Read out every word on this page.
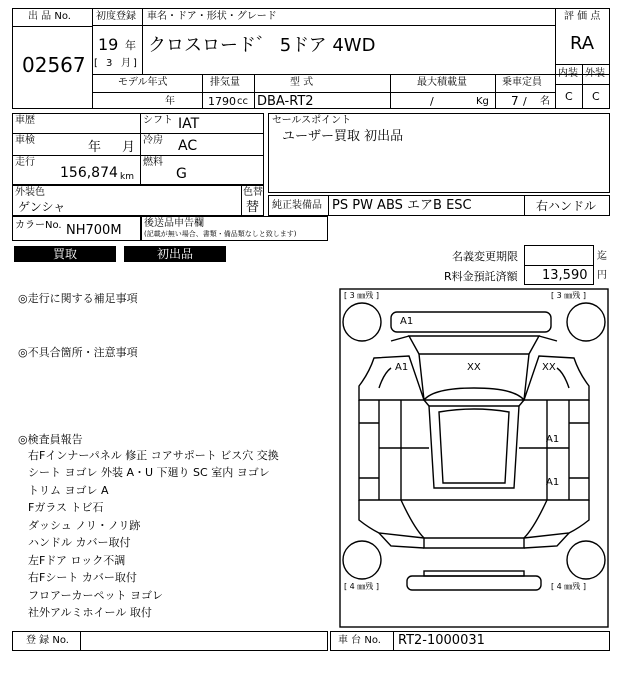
出 品 No.
02567
初度登録
19 年
[ 3 月 ]
車名・ドア・形状・グレード
クロスロード゛ 5ドア 4WD
評 価 点
RA
内装 外装
C C
モデル年式
年
排気量
1790 cc
型 式
DBA-RT2
最大積載量
/	Kg
乗車定員
7 / 名
車歴	シフト IAT
車検	年 月 冷房 AC
走行
156,874 km
燃料
G
セールスポイント
ユーザー買取 初出品
外装色
ゲンシャ
色替
替
カラーNo. NH700M 後送品申告欄
(記載が無い場合、書類・備品類なしと致します)
純正装備品 PS PW ABS エアB ESC	右ハンドル
買取	初出品	名義変更期限	迄
R料金預託済額 13,590 円
◎走行に関する補足事項
◎不具合箇所・注意事項
◎検査員報告
右Fインナーパネル 修正 コアサポート ビス穴 交換
シート ヨゴレ 外装 A・U 下廻り SC 室内 ヨゴレ
トリム ヨゴレ A
Fガラス トビ石
ダッシュ ノリ・ノリ跡
ハンドル カバー取付
左Fドア ロック不調
右Fシート カバー取付
フロアーカーペット ヨゴレ
社外アルミホイール 取付
[ 3 ㎜残 ]	[ 3 ㎜残 ]
[ 4 ㎜残 ]	[ 4 ㎜残 ]
A1
A1	XX	XX
A1
A1
登 録 No.	車 台 No. RT2-1000031
